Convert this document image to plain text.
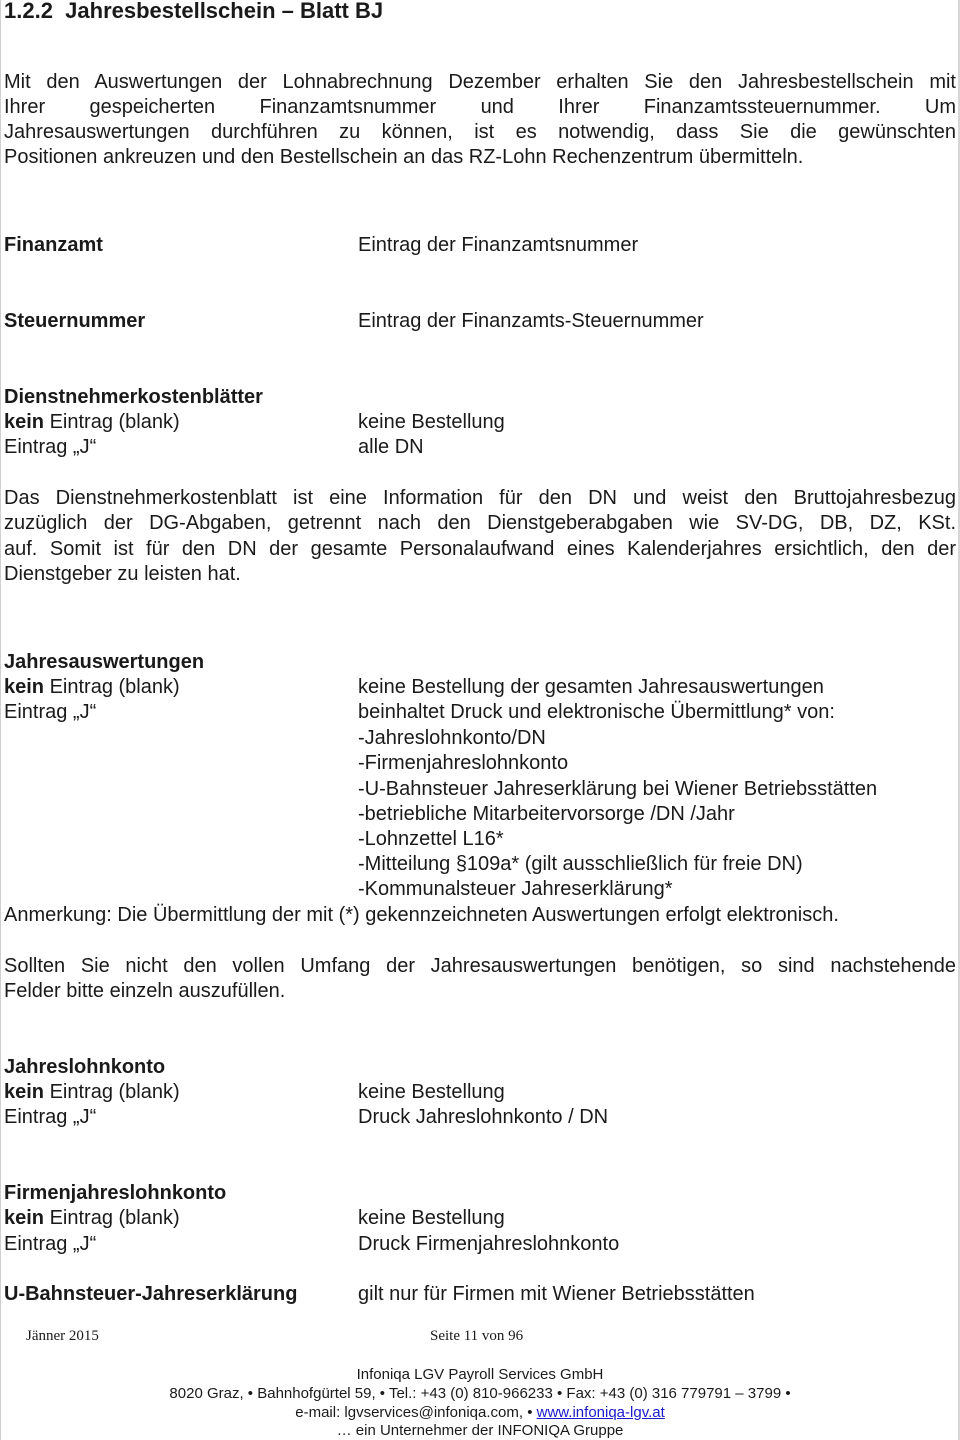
1.2.2 Jahresbestellschein – Blatt BJ
Mit den Auswertungen der Lohnabrechnung Dezember erhalten Sie den Jahresbestellschein mit
Ihrer gespeicherten Finanzamtsnummer und Ihrer Finanzamtssteuernummer. Um
Jahresauswertungen durchführen zu können, ist es notwendig, dass Sie die gewünschten
Positionen ankreuzen und den Bestellschein an das RZ-Lohn Rechenzentrum übermitteln.
Finanzamt	Eintrag der Finanzamtsnummer
Steuernummer	Eintrag der Finanzamts-Steuernummer
Dienstnehmerkostenblätter
kein Eintrag (blank)	keine Bestellung
Eintrag „J“	alle DN
Das Dienstnehmerkostenblatt ist eine Information für den DN und weist den Bruttojahresbezug
zuzüglich der DG-Abgaben, getrennt nach den Dienstgeberabgaben wie SV-DG, DB, DZ, KSt.
auf. Somit ist für den DN der gesamte Personalaufwand eines Kalenderjahres ersichtlich, den der
Dienstgeber zu leisten hat.
Jahresauswertungen
kein Eintrag (blank)	keine Bestellung der gesamten Jahresauswertungen
Eintrag „J“	beinhaltet Druck und elektronische Übermittlung* von:
-Jahreslohnkonto/DN
-Firmenjahreslohnkonto
-U-Bahnsteuer Jahreserklärung bei Wiener Betriebsstätten
-betriebliche Mitarbeitervorsorge /DN /Jahr
-Lohnzettel L16*
-Mitteilung §109a* (gilt ausschließlich für freie DN)
-Kommunalsteuer Jahreserklärung*
Anmerkung: Die Übermittlung der mit (*) gekennzeichneten Auswertungen erfolgt elektronisch.
Sollten Sie nicht den vollen Umfang der Jahresauswertungen benötigen, so sind nachstehende
Felder bitte einzeln auszufüllen.
Jahreslohnkonto
kein Eintrag (blank)	keine Bestellung
Eintrag „J“	Druck Jahreslohnkonto / DN
Firmenjahreslohnkonto
kein Eintrag (blank)	keine Bestellung
Eintrag „J“	Druck Firmenjahreslohnkonto
U-Bahnsteuer-Jahreserklärung	gilt nur für Firmen mit Wiener Betriebsstätten
Jänner 2015	Seite 11 von 96
Infoniqa LGV Payroll Services GmbH
8020 Graz, • Bahnhofgürtel 59, • Tel.: +43 (0) 810-966233 • Fax: +43 (0) 316 779791 – 3799 •
e-mail: lgvservices@infoniqa.com, • www.infoniqa-lgv.at
… ein Unternehmer der INFONIQA Gruppe
